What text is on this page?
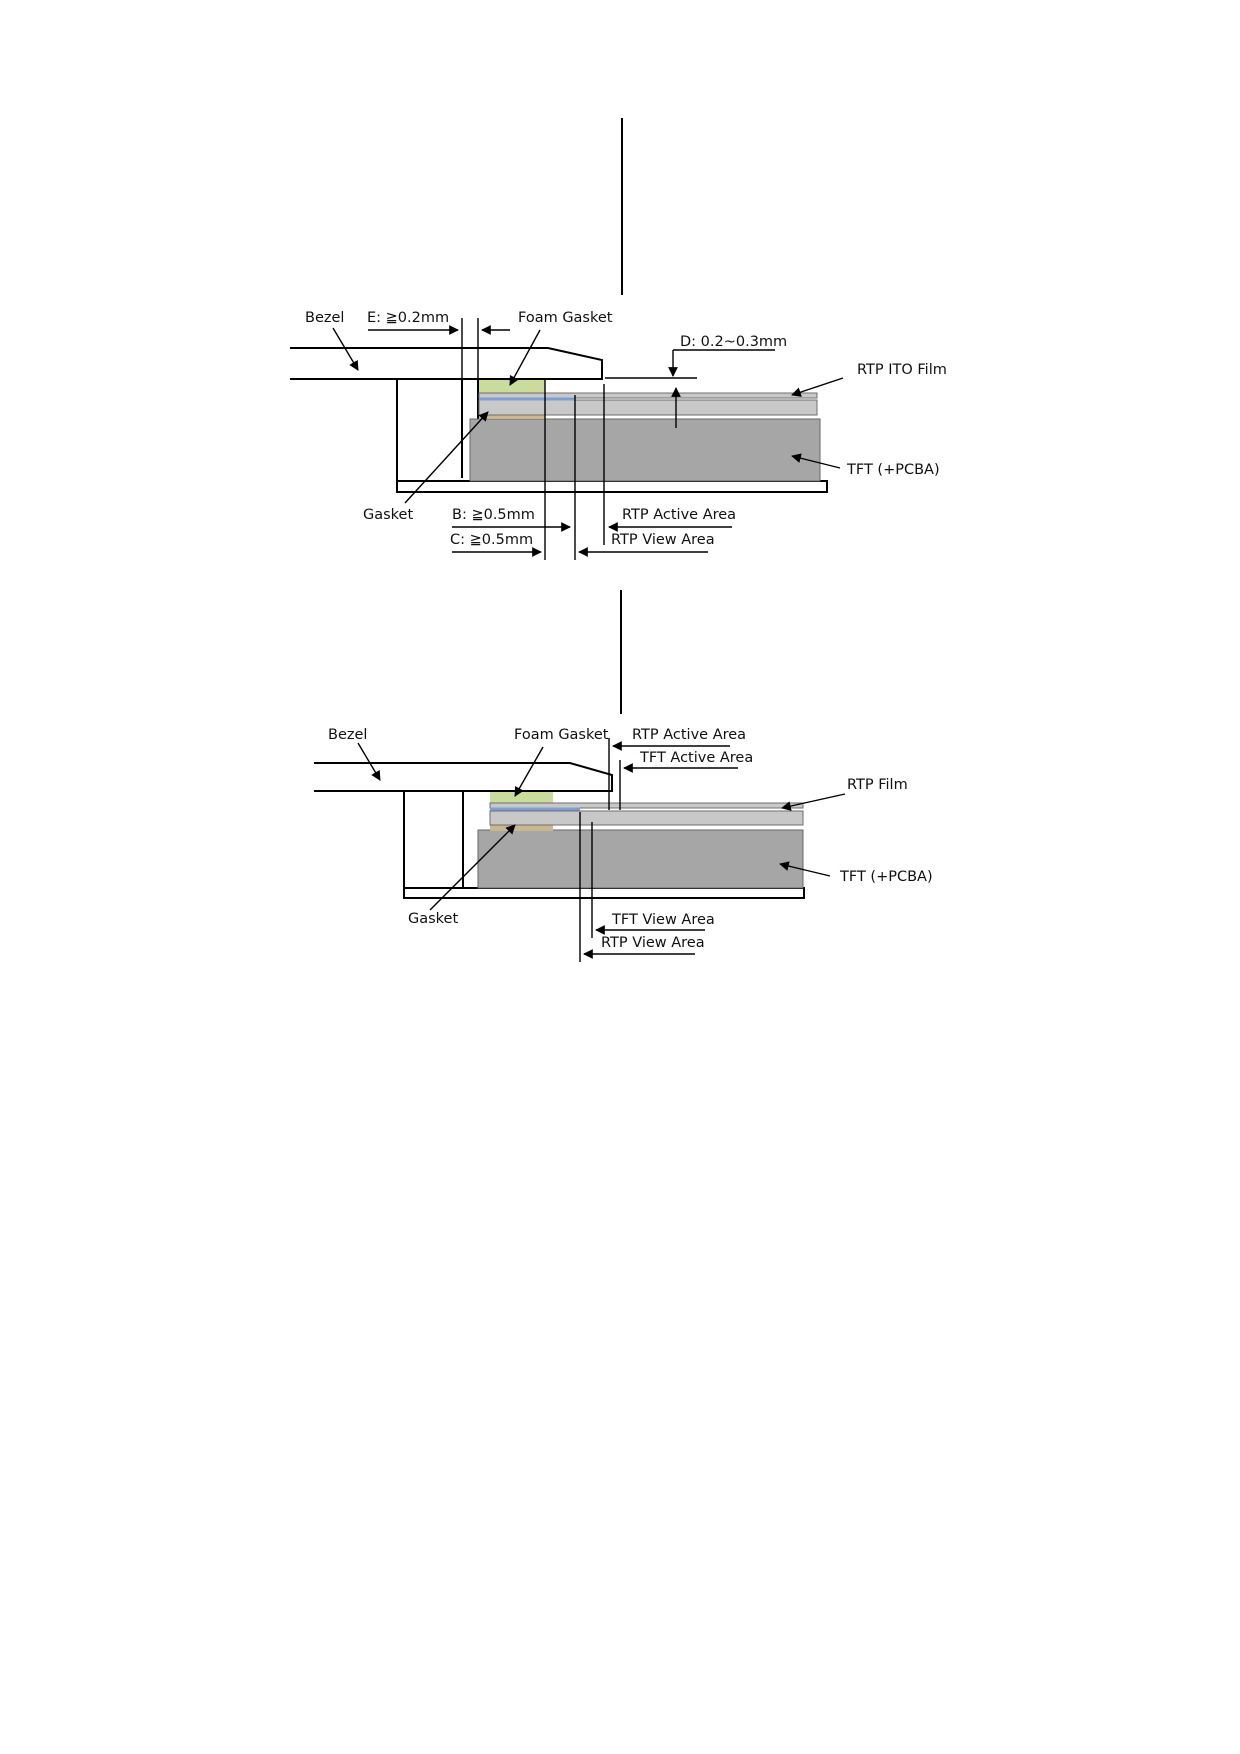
Bezel E: ≧0.2mm	Foam Gasket
D: 0.2~0.3mm
RTP ITO Film
TFT (+PCBA)
Gasket	B: ≧0.5mm	RTP Active Area
C: ≧0.5mm	RTP View Area
Bezel	Foam Gasket RTP Active Area
TFT Active Area
RTP Film
TFT (+PCBA)
Gasket	TFT View Area
RTP View Area
